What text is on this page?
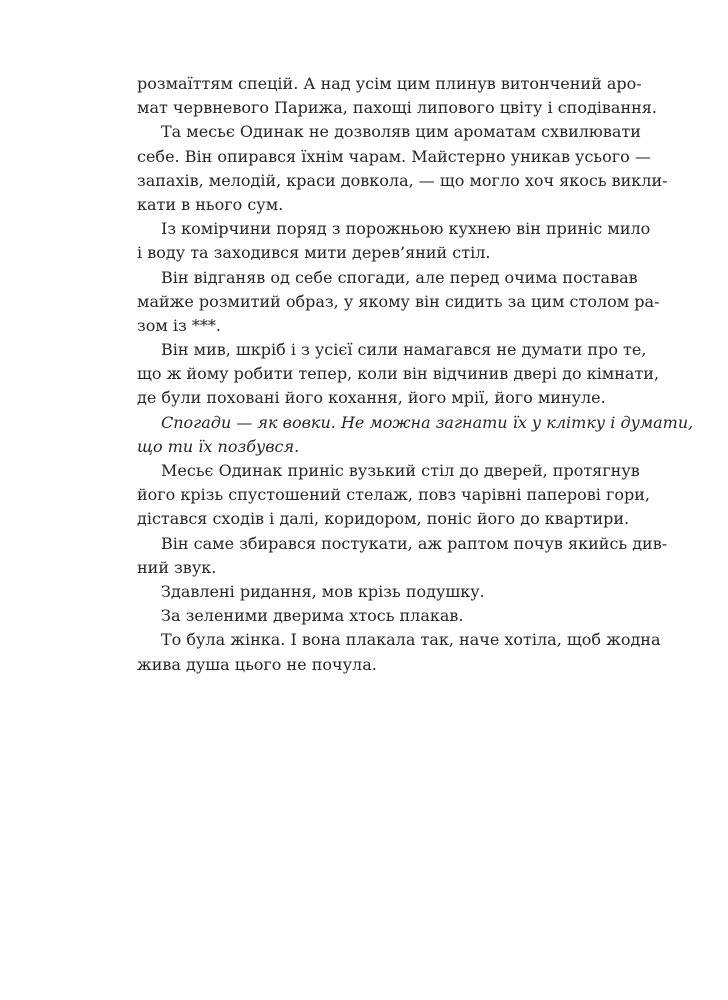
розмаїттям спецій. А над усім цим плинув витончений аро-
мат червневого Парижа, пахощі липового цвіту і сподівання.
Та месьє Одинак не дозволяв цим ароматам схвилювати
себе. Він опирався їхнім чарам. Майстерно уникав усього —
запахів, мелодій, краси довкола, — що могло хоч якось викли-
кати в нього сум.
Із комірчини поряд з порожньою кухнею він приніс мило
і воду та заходився мити дерев’яний стіл.
Він відганяв од себе спогади, але перед очима поставав
майже розмитий образ, у якому він сидить за цим столом ра-
зом із ***.
Він мив, шкріб і з усієї сили намагався не думати про те,
що ж йому робити тепер, коли він відчинив двері до кімнати,
де були поховані його кохання, його мрії, його минуле.
Спогади — як вовки. Не можна загнати їх у клітку і думати,
що ти їх позбувся.
Месьє Одинак приніс вузький стіл до дверей, протягнув
його крізь спустошений стелаж, повз чарівні паперові гори,
дістався сходів і далі, коридором, поніс його до квартири.
Він саме збирався постукати, аж раптом почув якийсь див-
ний звук.
Здавлені ридання, мов крізь подушку.
За зеленими дверима хтось плакав.
То була жінка. І вона плакала так, наче хотіла, щоб жодна
жива душа цього не почула.
